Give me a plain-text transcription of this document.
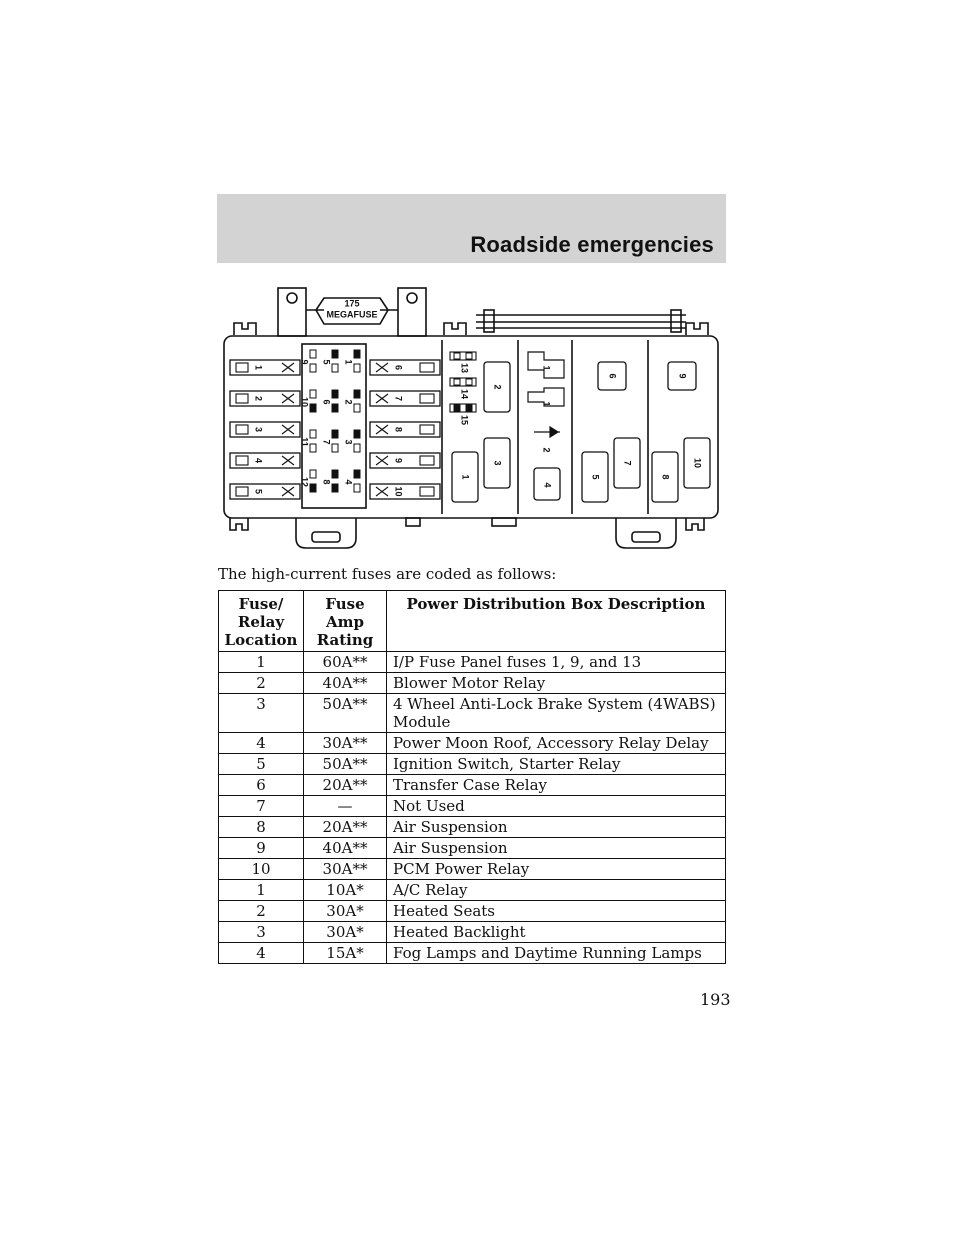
Roadside emergencies
175
MEGAFUSE
1
2
3
4
5
6
7
8
9
10
9
10
11
12
5
6
7
8
1
2
3
4
13
14
15
2
1
3
1
1
2
4
6
5
7
9
8
10
The high-current fuses are coded as follows:
Fuse/
Relay
Location	Fuse
Amp
Rating	Power Distribution Box Description
1	60A**	I/P Fuse Panel fuses 1, 9, and 13
2	40A**	Blower Motor Relay
3	50A**	4 Wheel Anti-Lock Brake System (4WABS)
Module
4	30A**	Power Moon Roof, Accessory Relay Delay
5	50A**	Ignition Switch, Starter Relay
6	20A**	Transfer Case Relay
7	—	Not Used
8	20A**	Air Suspension
9	40A**	Air Suspension
10	30A**	PCM Power Relay
1	10A*	A/C Relay
2	30A*	Heated Seats
3	30A*	Heated Backlight
4	15A*	Fog Lamps and Daytime Running Lamps
193
